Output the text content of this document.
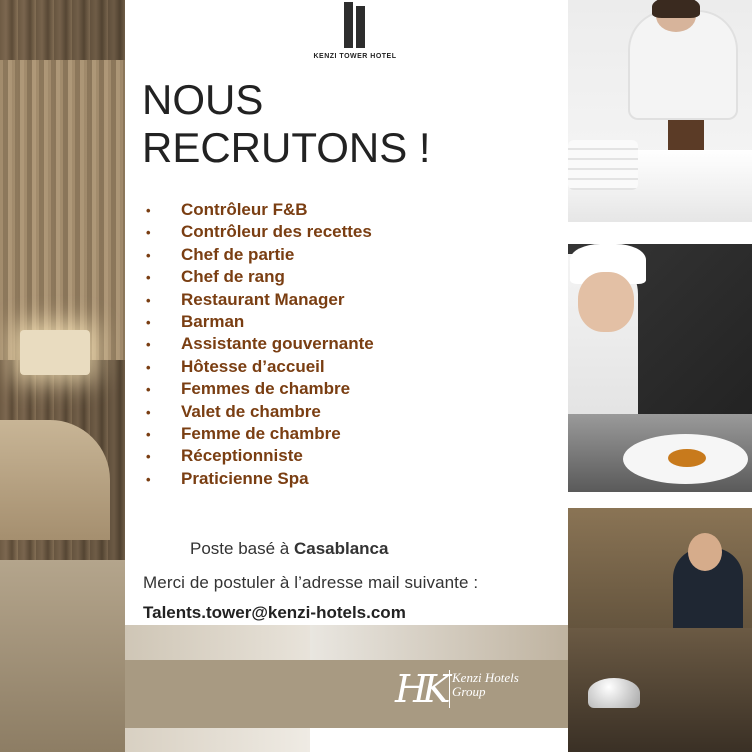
KENZI TOWER HOTEL
NOUS
RECRUTONS !
• Contrôleur F&B
• Contrôleur des recettes
• Chef de partie
• Chef de rang
• Restaurant Manager
• Barman
• Assistante gouvernante
• Hôtesse d’accueil
• Femmes de chambre
• Valet de chambre
• Femme de chambre
• Réceptionniste
• Praticienne Spa
Poste basé à Casablanca
Merci de postuler à l’adresse mail suivante :
Talents.tower@kenzi-hotels.com
HK Kenzi Hotels
Group
